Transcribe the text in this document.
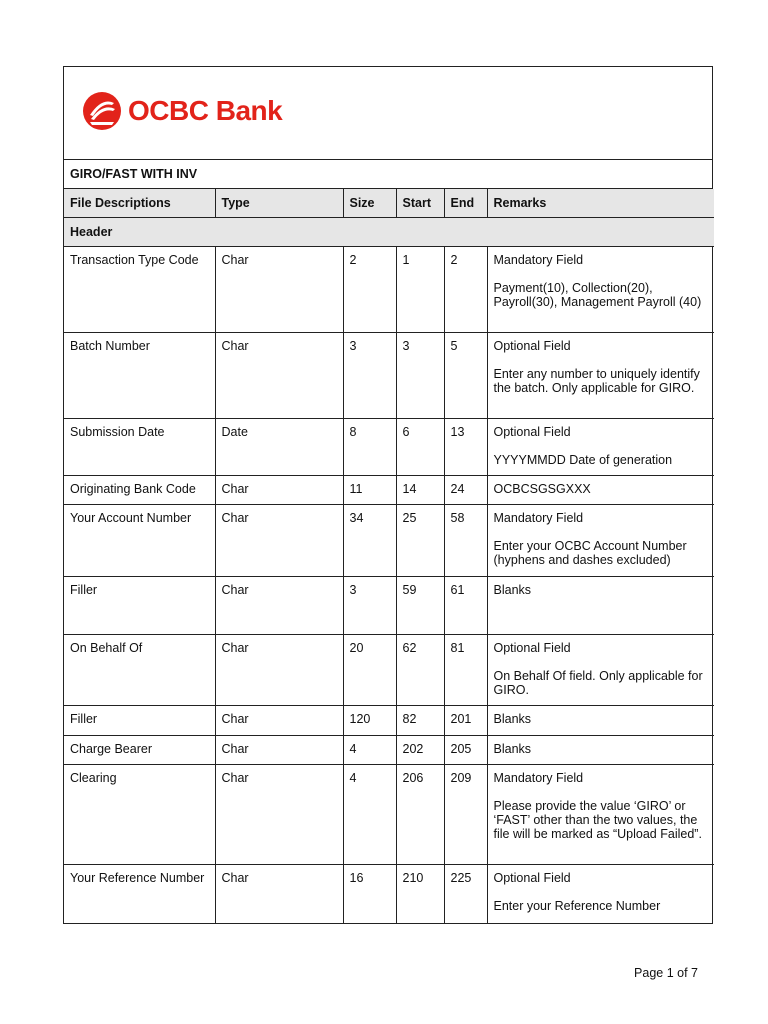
OCBC Bank
GIRO/FAST WITH INV
File Descriptions	Type	Size	Start	End	Remarks
Header					
Transaction Type Code	Char	2	1	2	Mandatory Field

Payment(10), Collection(20), Payroll(30), Management Payroll (40)

Batch Number	Char	3	3	5	Optional Field

Enter any number to uniquely identify the batch. Only applicable for GIRO.

Submission Date	Date	8	6	13	Optional Field

YYYYMMDD Date of generation

Originating Bank Code	Char	11	14	24	OCBCSGSGXXX

Your Account Number	Char	34	25	58	Mandatory Field

Enter your OCBC Account Number (hyphens and dashes excluded)

Filler	Char	3	59	61	Blanks

On Behalf Of	Char	20	62	81	Optional Field

On Behalf Of field. Only applicable for GIRO.

Filler	Char	120	82	201	Blanks

Charge Bearer	Char	4	202	205	Blanks

Clearing	Char	4	206	209	Mandatory Field

Please provide the value ‘GIRO’ or ‘FAST’ other than the two values, the file will be marked as “Upload Failed”.

Your Reference Number	Char	16	210	225	Optional Field

Enter your Reference Number

Page 1 of 7
